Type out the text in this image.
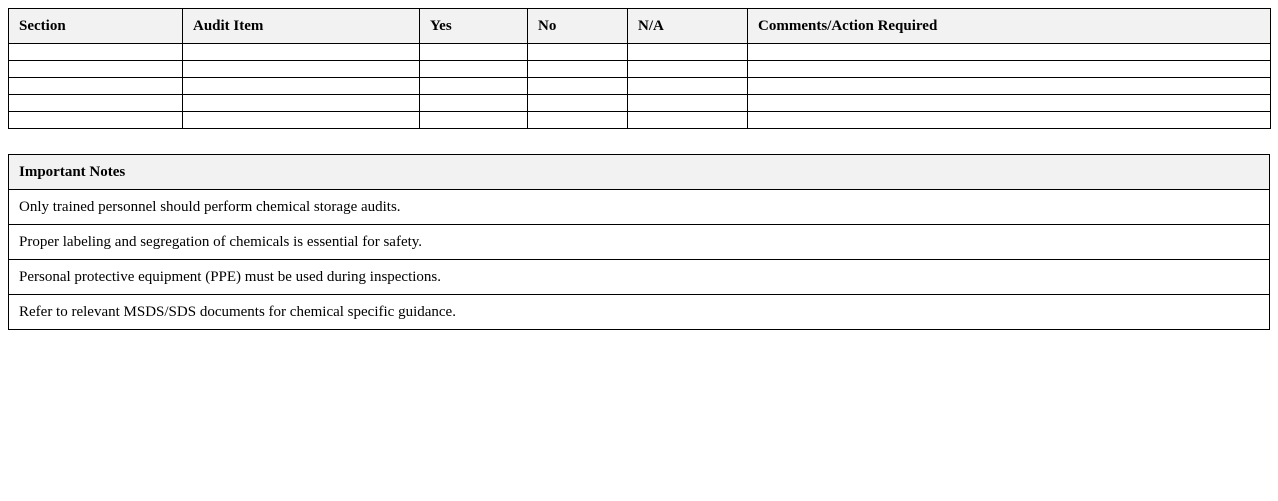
Section	Audit Item	Yes	No	N/A	Comments/Action Required

Important Notes
Only trained personnel should perform chemical storage audits.
Proper labeling and segregation of chemicals is essential for safety.
Personal protective equipment (PPE) must be used during inspections.
Refer to relevant MSDS/SDS documents for chemical specific guidance.
